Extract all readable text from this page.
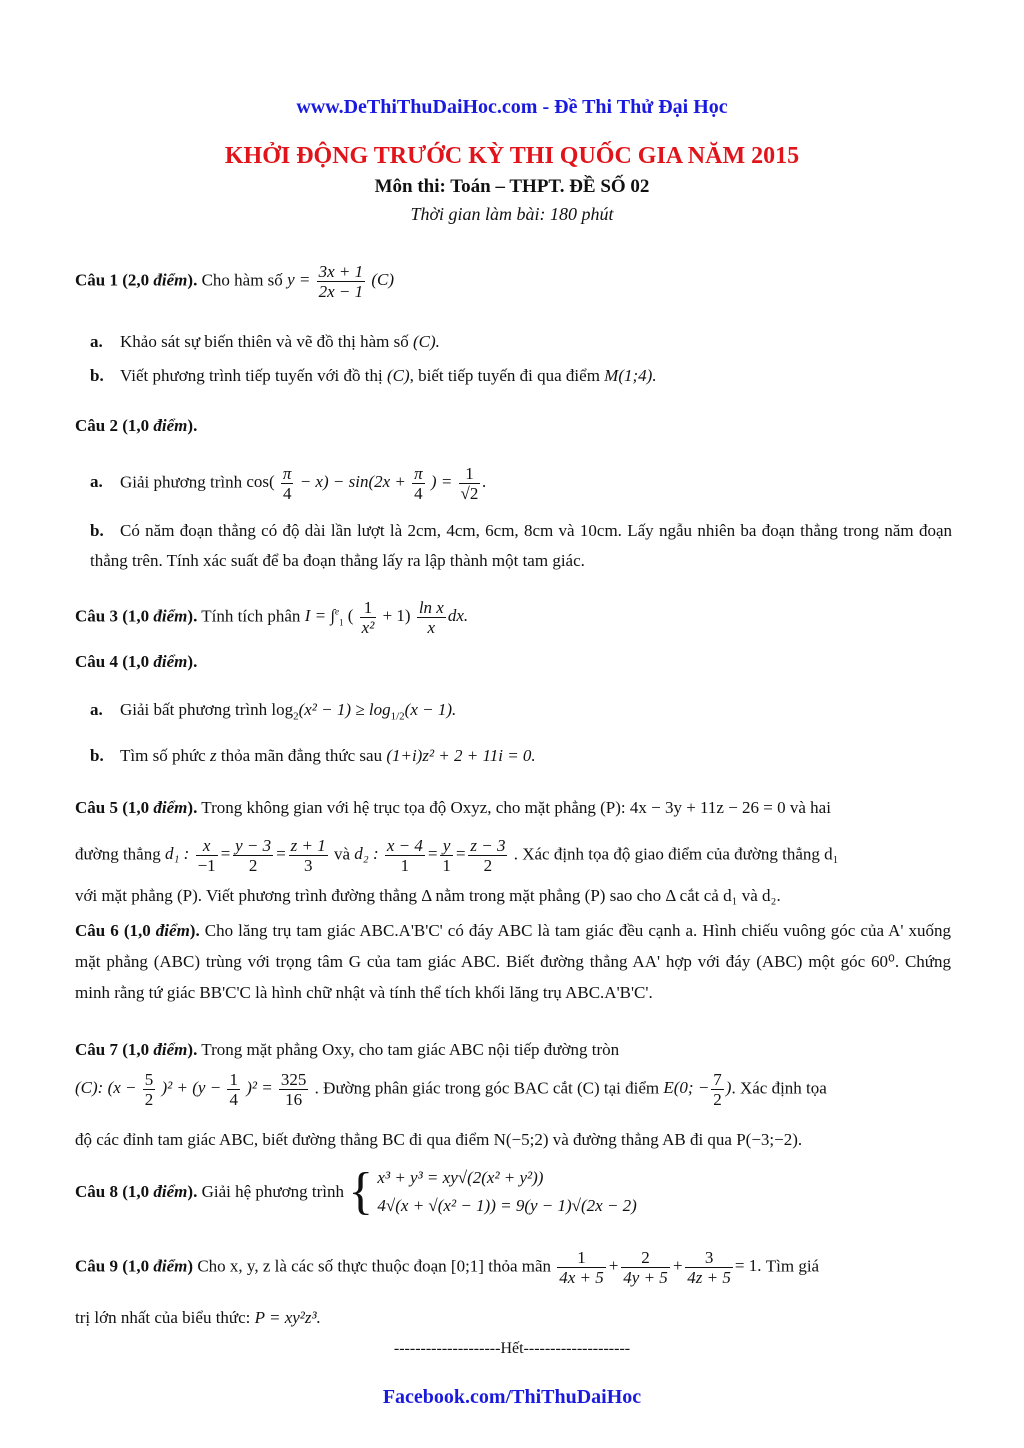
www.DeThiThuDaiHoc.com - Đề Thi Thử Đại Học
KHỞI ĐỘNG TRƯỚC KỲ THI QUỐC GIA NĂM 2015
Môn thi: Toán – THPT. ĐỀ SỐ 02
Thời gian làm bài: 180 phút
Câu 1 (2,0 điểm). Cho hàm số $y = \frac{3x + 1}{2x - 1} (C)$
a. Khảo sát sự biến thiên và vẽ đồ thị hàm số (C).
b. Viết phương trình tiếp tuyến với đồ thị (C), biết tiếp tuyến đi qua điểm M(1;4).
Câu 2 (1,0 điểm).
a. Giải phương trình $\cos( \frac{\pi}{4} - x) - \sin(2x + \frac{\pi}{4}$ ) = $\frac{1}{√2}$ .
b. Có năm đoạn thẳng có độ dài lần lượt là 2cm, 4cm, 6cm, 8cm và 10cm. Lấy ngẫu nhiên ba đoạn thẳng trong năm đoạn thẳng trên. Tính xác suất để ba đoạn thẳng lấy ra lập thành một tam giác.
Câu 3 (1,0 điểm). Tính tích phân I = ∫$^e_1$ ( $\frac{1}{\text{x²}} + 1) \frac{\text{ln x}}{x}$ dx.
Câu 4 (1,0 điểm).
a. Giải bất phương trình $\log_2(x^2 - 1) \ge \log_{1/2}(x - 1)$.
b. Tìm số phức z thỏa mãn đẳng thức sau (1+i)z² + 2 + 11i = 0.
Câu 5 (1,0 điểm). Trong không gian với hệ trục tọa độ Oxyz, cho mặt phẳng (P): 4x − 3y + 11z − 26 = 0 và hai
đường thẳng d₁ : $\frac{x}{-1} = \frac{y - 3}{2} = \frac{z + 1}{3}$ và d₂ : $\frac{x - 4}{1} = \frac{y}{1} = \frac{z - 3}{2}$ . Xác định tọa độ giao điểm của đường thẳng d₁
với mặt phẳng (P). Viết phương trình đường thẳng Δ nằm trong mặt phẳng (P) sao cho Δ cắt cả d₁ và d₂.
Câu 6 (1,0 điểm). Cho lăng trụ tam giác ABC.A'B'C' có đáy ABC là tam giác đều cạnh a. Hình chiếu vuông góc của A' xuống mặt phẳng (ABC) trùng với trọng tâm G của tam giác ABC. Biết đường thẳng AA' hợp với đáy (ABC) một góc 60⁰. Chứng minh rằng tứ giác BB'C'C là hình chữ nhật và tính thể tích khối lăng trụ ABC.A'B'C'.
Câu 7 (1,0 điểm). Trong mặt phẳng Oxy, cho tam giác ABC nội tiếp đường tròn
(C): $(x - \frac{5}{2} )^2 + (y - \frac{1}{4} )^2 = \frac{325}{16}$ . Đường phân giác trong góc BAC cắt (C) tại điểm E(0; − $\frac{7}{2}$ ). Xác định tọa
độ các đỉnh tam giác ABC, biết đường thẳng BC đi qua điểm N(−5;2) và đường thẳng AB đi qua P(−3;−2).
Câu 8 (1,0 điểm). Giải hệ phương trình { x³ + y³ = xy√(2(x² + y²))
4√(x + √(x² − 1)) = 9(y − 1)√(2x − 2)
Câu 9 (1,0 điểm) Cho x, y, z là các số thực thuộc đoạn [0;1] thỏa mãn $\frac{1}{4x + 5} + \frac{2}{4y + 5} + \frac{3}{4z + 5} = 1$. Tìm giá
trị lớn nhất của biểu thức: P = xy²z³.
--------------------Hết--------------------
Facebook.com/ThiThuDaiHoc
